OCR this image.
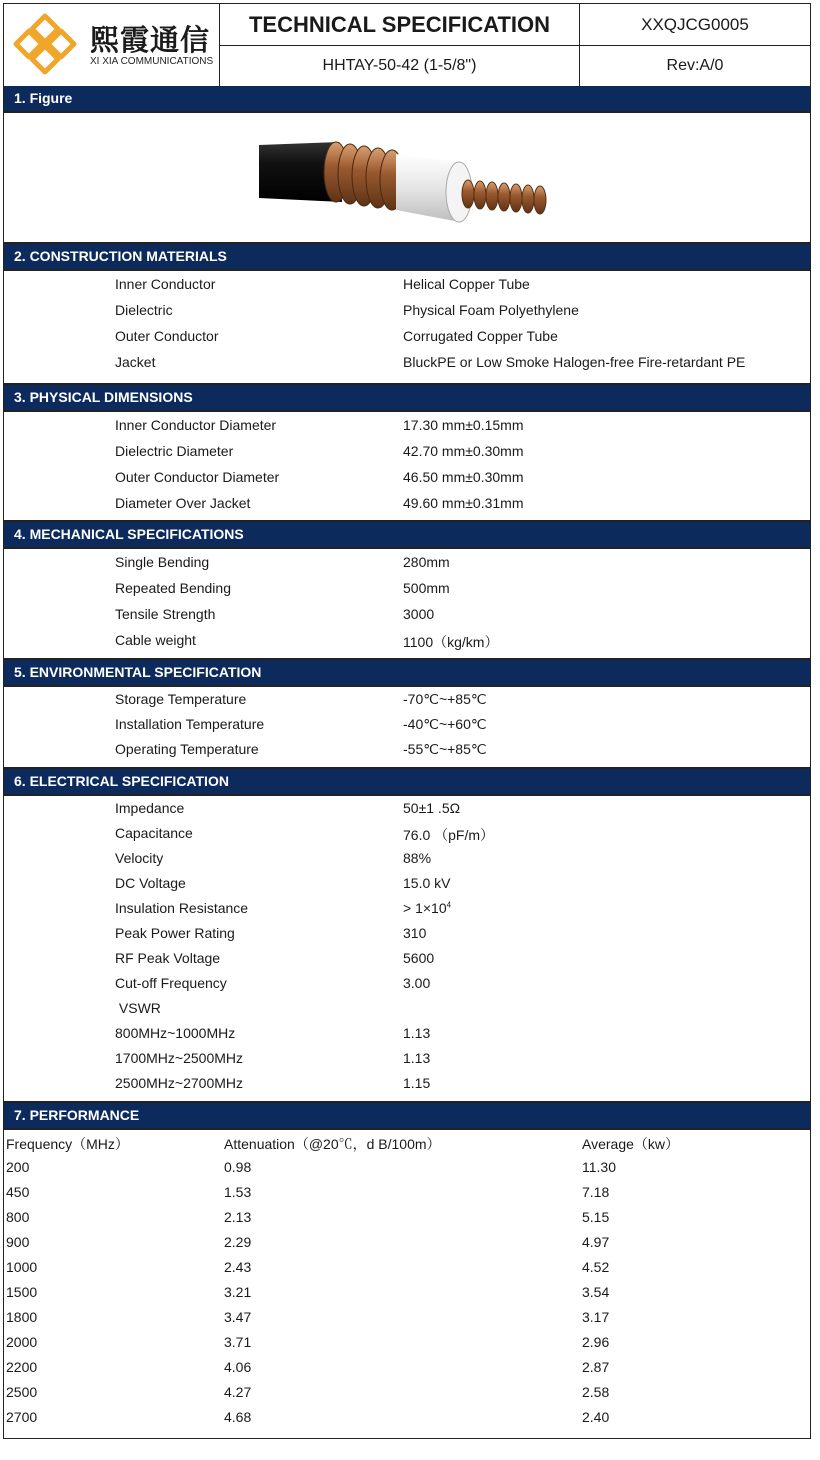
熙霞通信
XI XIA COMMUNICATIONS
TECHNICAL SPECIFICATION	XXQJCG0005
HHTAY-50-42 (1-5/8")	Rev:A/0
1. Figure
2. CONSTRUCTION MATERIALS
Inner Conductor	Helical Copper Tube
Dielectric	Physical Foam Polyethylene
Outer Conductor	Corrugated Copper Tube
Jacket	BluckPE or Low Smoke Halogen-free Fire-retardant PE
3. PHYSICAL DIMENSIONS
Inner Conductor Diameter	17.30 mm±0.15mm
Dielectric Diameter	42.70 mm±0.30mm
Outer Conductor Diameter	46.50 mm±0.30mm
Diameter Over Jacket	49.60 mm±0.31mm
4. MECHANICAL SPECIFICATIONS
Single Bending	280mm
Repeated Bending	500mm
Tensile Strength	3000
Cable weight	1100（kg/km）
5. ENVIRONMENTAL SPECIFICATION
Storage Temperature	-70℃~+85℃
Installation Temperature	-40℃~+60℃
Operating Temperature	-55℃~+85℃
6. ELECTRICAL SPECIFICATION
Impedance	50±1 .5Ω
Capacitance	76.0 （pF/m）
Velocity	88%
DC Voltage	15.0 kV
Insulation Resistance	> $1\times 10^4$
Peak Power Rating	310
RF Peak Voltage	5600
Cut-off Frequency	3.00
VSWR
800MHz~1000MHz	1.13
1700MHz~2500MHz	1.13
2500MHz~2700MHz	1.15
7. PERFORMANCE
Frequency（MHz）	Attenuation（@20℃，d B/100m）	Average（kw）
200	0.98	11.30
450	1.53	7.18
800	2.13	5.15
900	2.29	4.97
1000	2.43	4.52
1500	3.21	3.54
1800	3.47	3.17
2000	3.71	2.96
2200	4.06	2.87
2500	4.27	2.58
2700	4.68	2.40
